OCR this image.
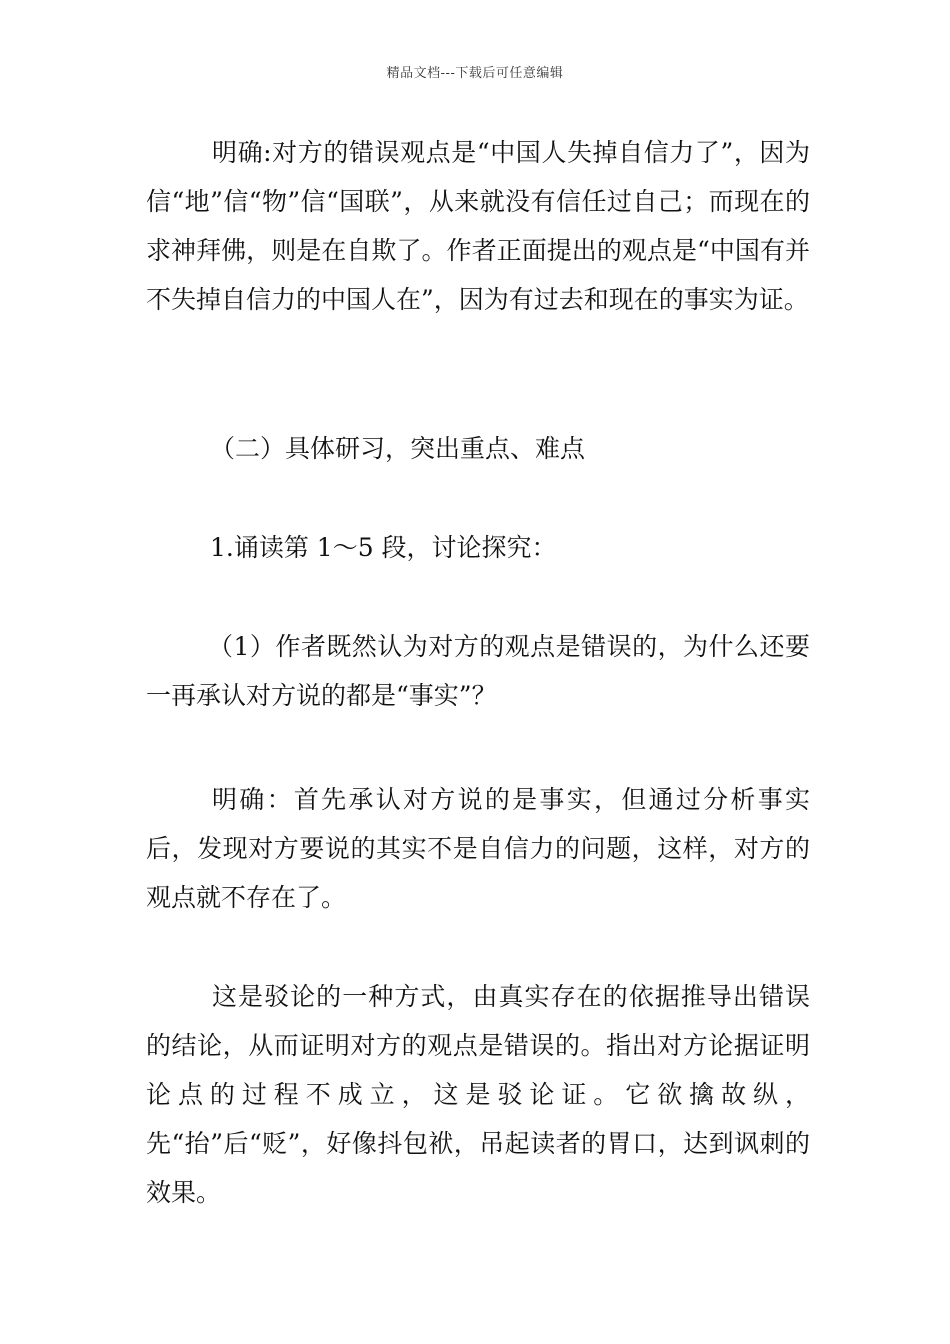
精品文档---下载后可任意编辑

明确:对方的错误观点是“中国人失掉自信力了”，因为信“地”信“物”信“国联”，从来就没有信任过自己；而现在的求神拜佛，则是在自欺了。作者正面提出的观点是“中国有并不失掉自信力的中国人在”，因为有过去和现在的事实为证。

（二）具体研习，突出重点、难点

1.诵读第 1～5 段，讨论探究：

（1）作者既然认为对方的观点是错误的，为什么还要一再承认对方说的都是“事实”？

明确：首先承认对方说的是事实，但通过分析事实后，发现对方要说的其实不是自信力的问题，这样，对方的观点就不存在了。

这是驳论的一种方式，由真实存在的依据推导出错误的结论，从而证明对方的观点是错误的。指出对方论据证明论点的过程不成立，这是驳论证。它欲擒故纵，先“抬”后“贬”，好像抖包袱，吊起读者的胃口，达到讽刺的效果。
